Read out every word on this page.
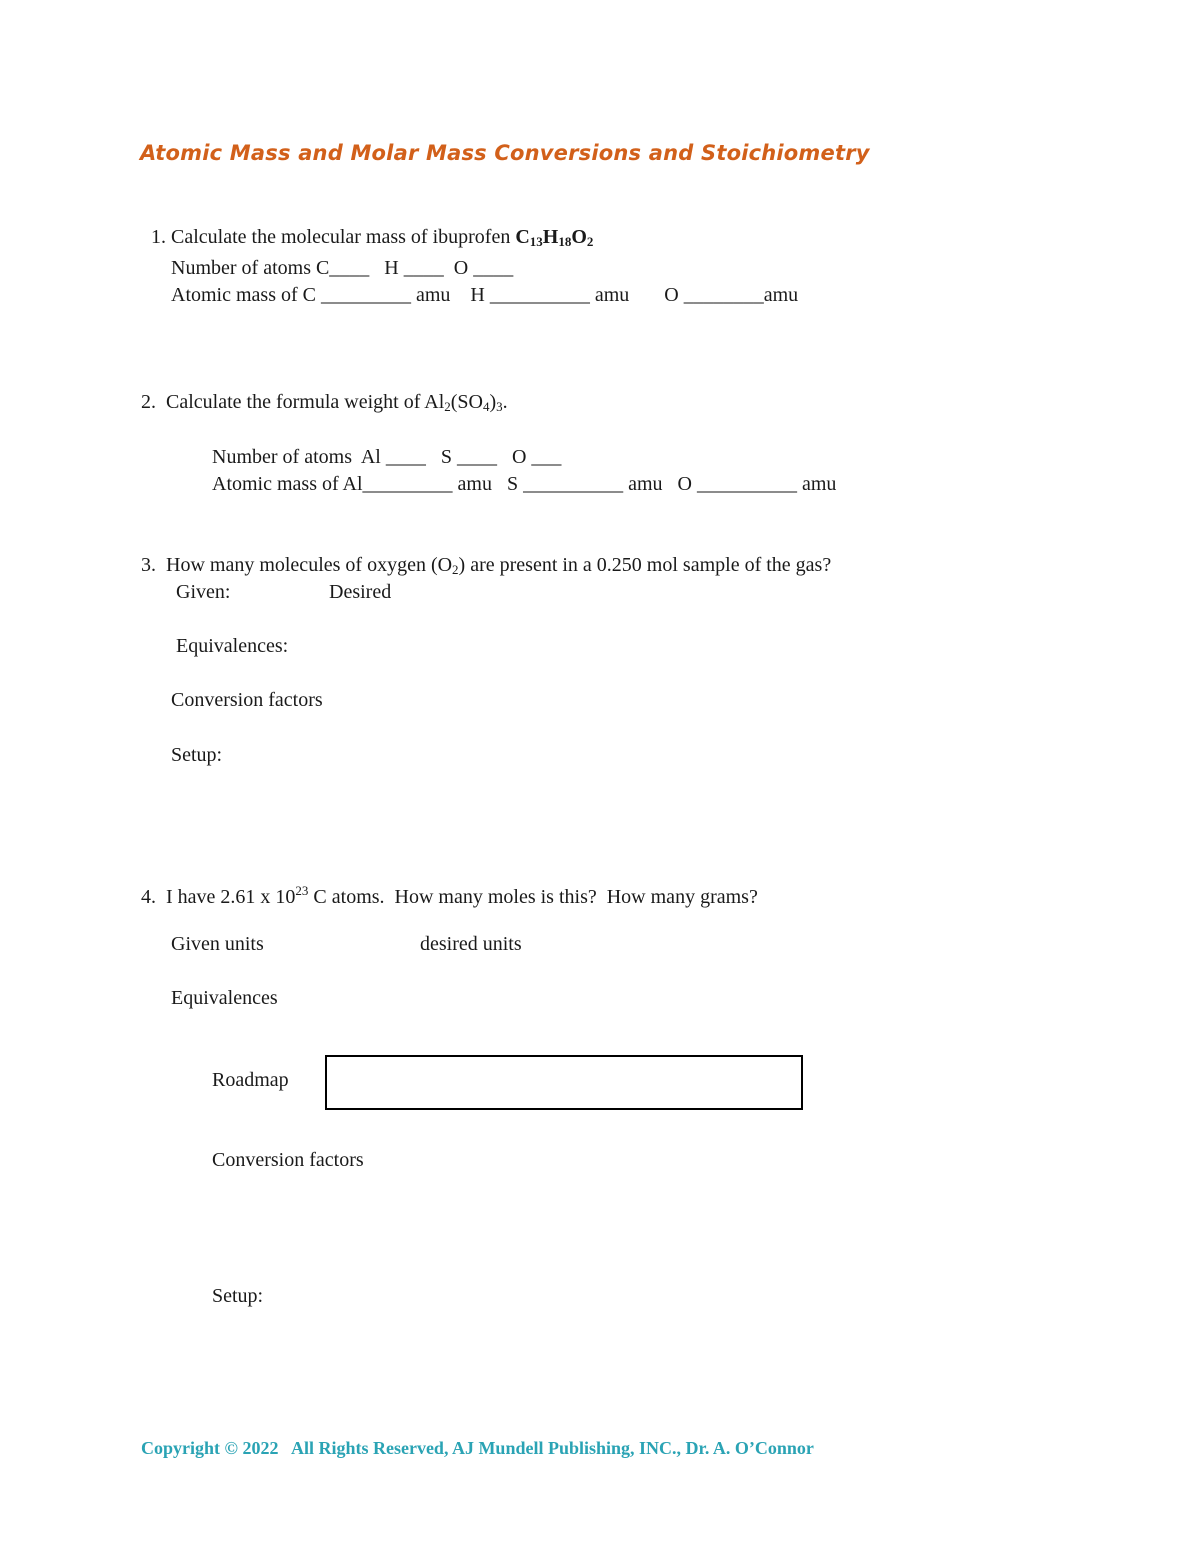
Atomic Mass and Molar Mass Conversions and Stoichiometry

1. Calculate the molecular mass of ibuprofen $C_{13}H_{18}O_2$

Number of atoms C____   H ____  O ____
Atomic mass of C _________ amu    H __________ amu       O ________amu
2.  Calculate the formula weight of $Al_2(SO_4)_3$.
Number of atoms  Al ____   S ____   O ___
Atomic mass of Al_________ amu   S __________ amu   O __________ amu
3.  How many molecules of oxygen $(O_2)$ are present in a 0.250 mol sample of the gas?
Given:	Desired
Equivalences:
Conversion factors
Setup:
4.  I have 2.61 x $10^{23}$ C atoms.  How many moles is this?  How many grams?
Given units	desired units
Equivalences
Roadmap
Conversion factors
Setup:
Copyright © 2022   All Rights Reserved, AJ Mundell Publishing, INC., Dr. A. O’Connor
